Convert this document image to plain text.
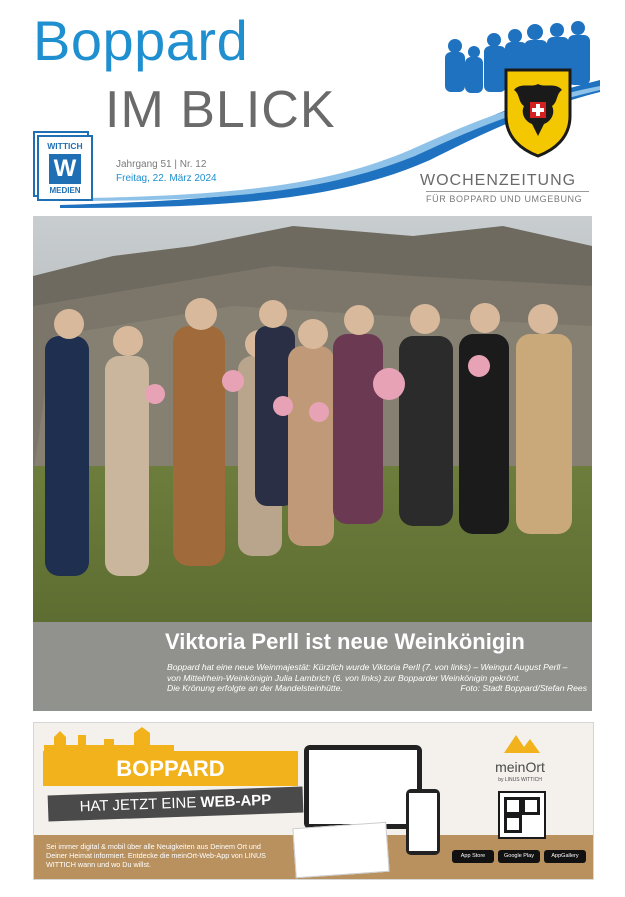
Boppard
IM BLICK
WITTICH
W
MEDIEN
Jahrgang 51 | Nr. 12
Freitag, 22. März 2024	WOCHENZEITUNG
FÜR BOPPARD UND UMGEBUNG
Viktoria Perll ist neue Weinkönigin
Boppard hat eine neue Weinmajestät: Kürzlich wurde Viktoria Perll (7. von links) – Weingut August Perll –
von Mittelrhein-Weinkönigin Julia Lambrich (6. von links) zur Bopparder Weinkönigin gekrönt.
Die Krönung erfolgte an der Mandelsteinhütte.	Foto: Stadt Boppard/Stefan Rees
BOPPARD
HAT JETZT EINE WEB-APP
Sei immer digital & mobil über alle Neuigkeiten aus Deinem Ort und Deiner Heimat informiert. Entdecke die meinOrt-Web-App von LINUS WITTICH wann und wo Du willst.
meinOrt
by LINUS WITTICH
App Store	Google Play	AppGallery
